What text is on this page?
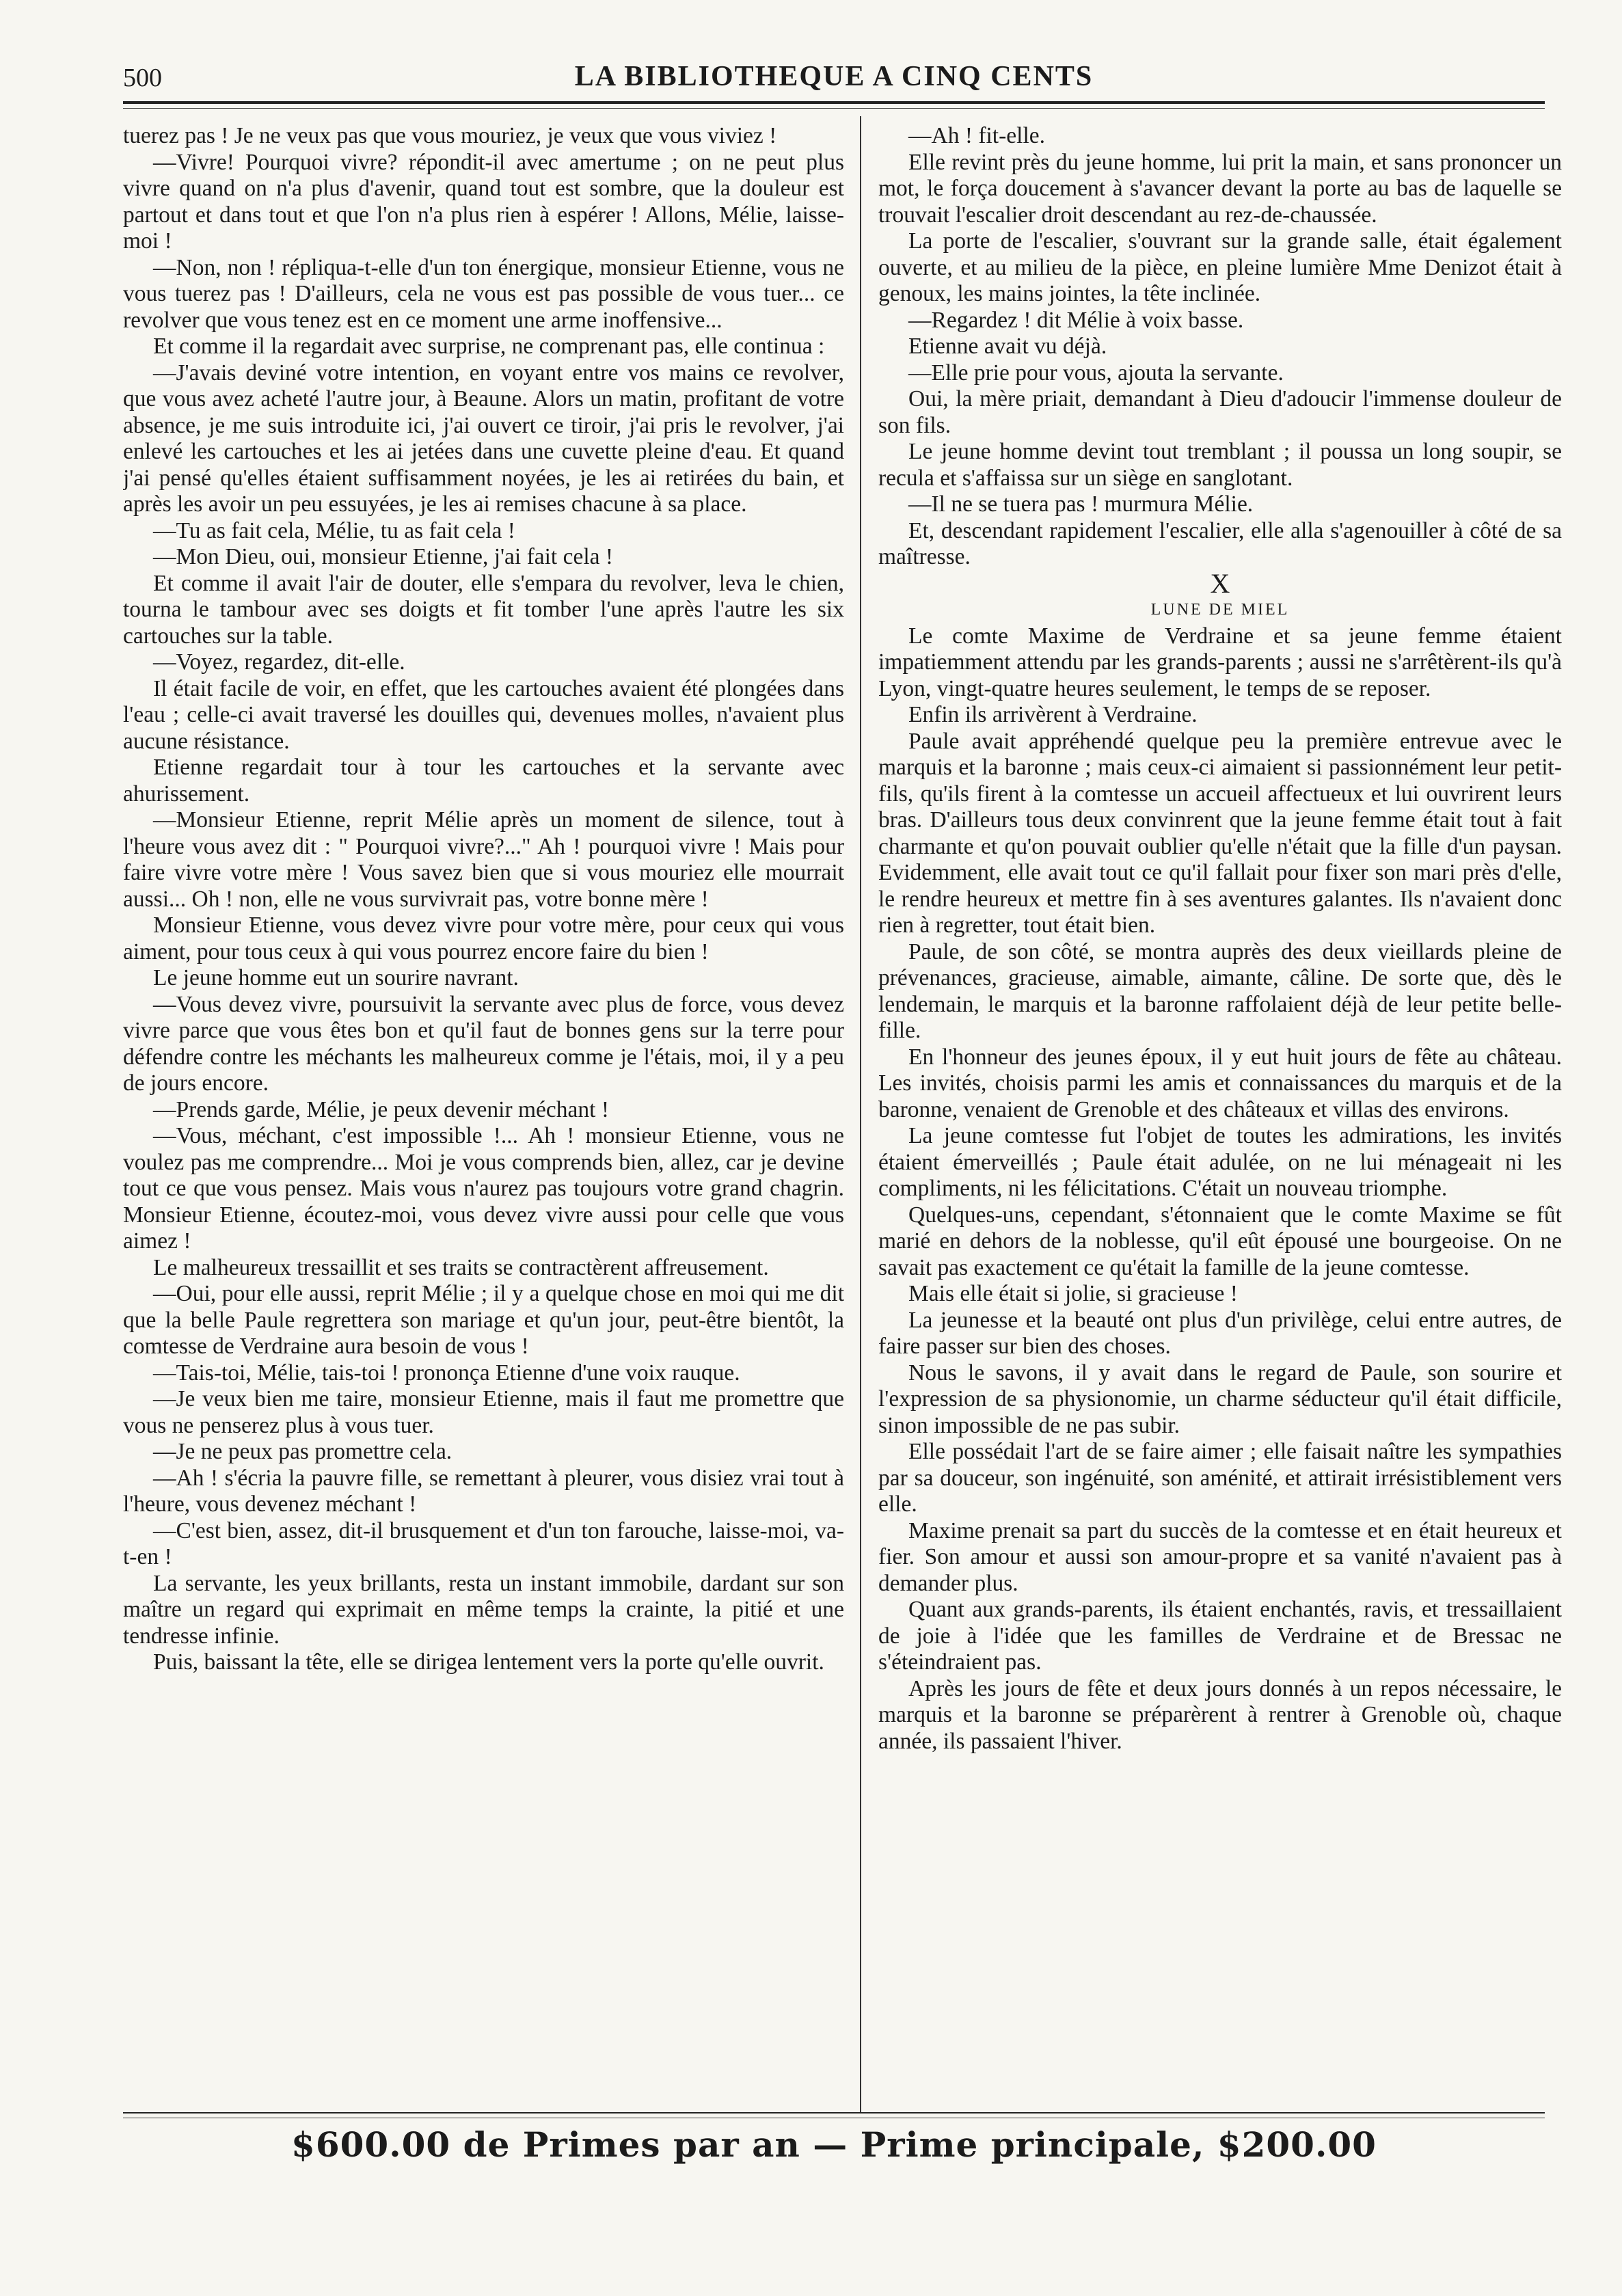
500	LA BIBLIOTHEQUE A CINQ CENTS

tuerez pas ! Je ne veux pas que vous mouriez, je veux que vous viviez !

—Vivre! Pourquoi vivre? répondit-il avec amertume ; on ne peut plus vivre quand on n'a plus d'avenir, quand tout est sombre, que la douleur est partout et dans tout et que l'on n'a plus rien à espérer ! Allons, Mélie, laisse-moi !

—Non, non ! répliqua-t-elle d'un ton énergique, monsieur Etienne, vous ne vous tuerez pas ! D'ailleurs, cela ne vous est pas possible de vous tuer... ce revolver que vous tenez est en ce moment une arme inoffensive...

Et comme il la regardait avec surprise, ne comprenant pas, elle continua :

—J'avais deviné votre intention, en voyant entre vos mains ce revolver, que vous avez acheté l'autre jour, à Beaune. Alors un matin, profitant de votre absence, je me suis introduite ici, j'ai ouvert ce tiroir, j'ai pris le revolver, j'ai enlevé les cartouches et les ai jetées dans une cuvette pleine d'eau. Et quand j'ai pensé qu'elles étaient suffisamment noyées, je les ai retirées du bain, et après les avoir un peu essuyées, je les ai remises chacune à sa place.

—Tu as fait cela, Mélie, tu as fait cela !

—Mon Dieu, oui, monsieur Etienne, j'ai fait cela !

Et comme il avait l'air de douter, elle s'empara du revolver, leva le chien, tourna le tambour avec ses doigts et fit tomber l'une après l'autre les six cartouches sur la table.

—Voyez, regardez, dit-elle.

Il était facile de voir, en effet, que les cartouches avaient été plongées dans l'eau ; celle-ci avait traversé les douilles qui, devenues molles, n'avaient plus aucune résistance.

Etienne regardait tour à tour les cartouches et la servante avec ahurissement.

—Monsieur Etienne, reprit Mélie après un moment de silence, tout à l'heure vous avez dit : " Pourquoi vivre?..." Ah ! pourquoi vivre ! Mais pour faire vivre votre mère ! Vous savez bien que si vous mouriez elle mourrait aussi... Oh ! non, elle ne vous survivrait pas, votre bonne mère !

Monsieur Etienne, vous devez vivre pour votre mère, pour ceux qui vous aiment, pour tous ceux à qui vous pourrez encore faire du bien !

Le jeune homme eut un sourire navrant.

—Vous devez vivre, poursuivit la servante avec plus de force, vous devez vivre parce que vous êtes bon et qu'il faut de bonnes gens sur la terre pour défendre contre les méchants les malheureux comme je l'étais, moi, il y a peu de jours encore.

—Prends garde, Mélie, je peux devenir méchant !

—Vous, méchant, c'est impossible !... Ah ! monsieur Etienne, vous ne voulez pas me comprendre... Moi je vous comprends bien, allez, car je devine tout ce que vous pensez. Mais vous n'aurez pas toujours votre grand chagrin. Monsieur Etienne, écoutez-moi, vous devez vivre aussi pour celle que vous aimez !

Le malheureux tressaillit et ses traits se contractèrent affreusement.

—Oui, pour elle aussi, reprit Mélie ; il y a quelque chose en moi qui me dit que la belle Paule regrettera son mariage et qu'un jour, peut-être bientôt, la comtesse de Verdraine aura besoin de vous !

—Tais-toi, Mélie, tais-toi ! prononça Etienne d'une voix rauque.

—Je veux bien me taire, monsieur Etienne, mais il faut me promettre que vous ne penserez plus à vous tuer.

—Je ne peux pas promettre cela.

—Ah ! s'écria la pauvre fille, se remettant à pleurer, vous disiez vrai tout à l'heure, vous devenez méchant !

—C'est bien, assez, dit-il brusquement et d'un ton farouche, laisse-moi, va-t-en !

La servante, les yeux brillants, resta un instant immobile, dardant sur son maître un regard qui exprimait en même temps la crainte, la pitié et une tendresse infinie.

Puis, baissant la tête, elle se dirigea lentement vers la porte qu'elle ouvrit.

—Ah ! fit-elle.

Elle revint près du jeune homme, lui prit la main, et sans prononcer un mot, le força doucement à s'avancer devant la porte au bas de laquelle se trouvait l'escalier droit descendant au rez-de-chaussée.

La porte de l'escalier, s'ouvrant sur la grande salle, était également ouverte, et au milieu de la pièce, en pleine lumière Mme Denizot était à genoux, les mains jointes, la tête inclinée.

—Regardez ! dit Mélie à voix basse.

Etienne avait vu déjà.

—Elle prie pour vous, ajouta la servante.

Oui, la mère priait, demandant à Dieu d'adoucir l'immense douleur de son fils.

Le jeune homme devint tout tremblant ; il poussa un long soupir, se recula et s'affaissa sur un siège en sanglotant.

—Il ne se tuera pas ! murmura Mélie.

Et, descendant rapidement l'escalier, elle alla s'agenouiller à côté de sa maîtresse.

X

LUNE DE MIEL

Le comte Maxime de Verdraine et sa jeune femme étaient impatiemment attendu par les grands-parents ; aussi ne s'arrêtèrent-ils qu'à Lyon, vingt-quatre heures seulement, le temps de se reposer.

Enfin ils arrivèrent à Verdraine.

Paule avait appréhendé quelque peu la première entrevue avec le marquis et la baronne ; mais ceux-ci aimaient si passionnément leur petit-fils, qu'ils firent à la comtesse un accueil affectueux et lui ouvrirent leurs bras. D'ailleurs tous deux convinrent que la jeune femme était tout à fait charmante et qu'on pouvait oublier qu'elle n'était que la fille d'un paysan. Evidemment, elle avait tout ce qu'il fallait pour fixer son mari près d'elle, le rendre heureux et mettre fin à ses aventures galantes. Ils n'avaient donc rien à regretter, tout était bien.

Paule, de son côté, se montra auprès des deux vieillards pleine de prévenances, gracieuse, aimable, aimante, câline. De sorte que, dès le lendemain, le marquis et la baronne raffolaient déjà de leur petite belle-fille.

En l'honneur des jeunes époux, il y eut huit jours de fête au château. Les invités, choisis parmi les amis et connaissances du marquis et de la baronne, venaient de Grenoble et des châteaux et villas des environs.

La jeune comtesse fut l'objet de toutes les admirations, les invités étaient émerveillés ; Paule était adulée, on ne lui ménageait ni les compliments, ni les félicitations. C'était un nouveau triomphe.

Quelques-uns, cependant, s'étonnaient que le comte Maxime se fût marié en dehors de la noblesse, qu'il eût épousé une bourgeoise. On ne savait pas exactement ce qu'était la famille de la jeune comtesse.

Mais elle était si jolie, si gracieuse !

La jeunesse et la beauté ont plus d'un privilège, celui entre autres, de faire passer sur bien des choses.

Nous le savons, il y avait dans le regard de Paule, son sourire et l'expression de sa physionomie, un charme séducteur qu'il était difficile, sinon impossible de ne pas subir.

Elle possédait l'art de se faire aimer ; elle faisait naître les sympathies par sa douceur, son ingénuité, son aménité, et attirait irrésistiblement vers elle.

Maxime prenait sa part du succès de la comtesse et en était heureux et fier. Son amour et aussi son amour-propre et sa vanité n'avaient pas à demander plus.

Quant aux grands-parents, ils étaient enchantés, ravis, et tressaillaient de joie à l'idée que les familles de Verdraine et de Bressac ne s'éteindraient pas.

Après les jours de fête et deux jours donnés à un repos nécessaire, le marquis et la baronne se préparèrent à rentrer à Grenoble où, chaque année, ils passaient l'hiver.

$600.00 de Primes par an — Prime principale, $200.00
